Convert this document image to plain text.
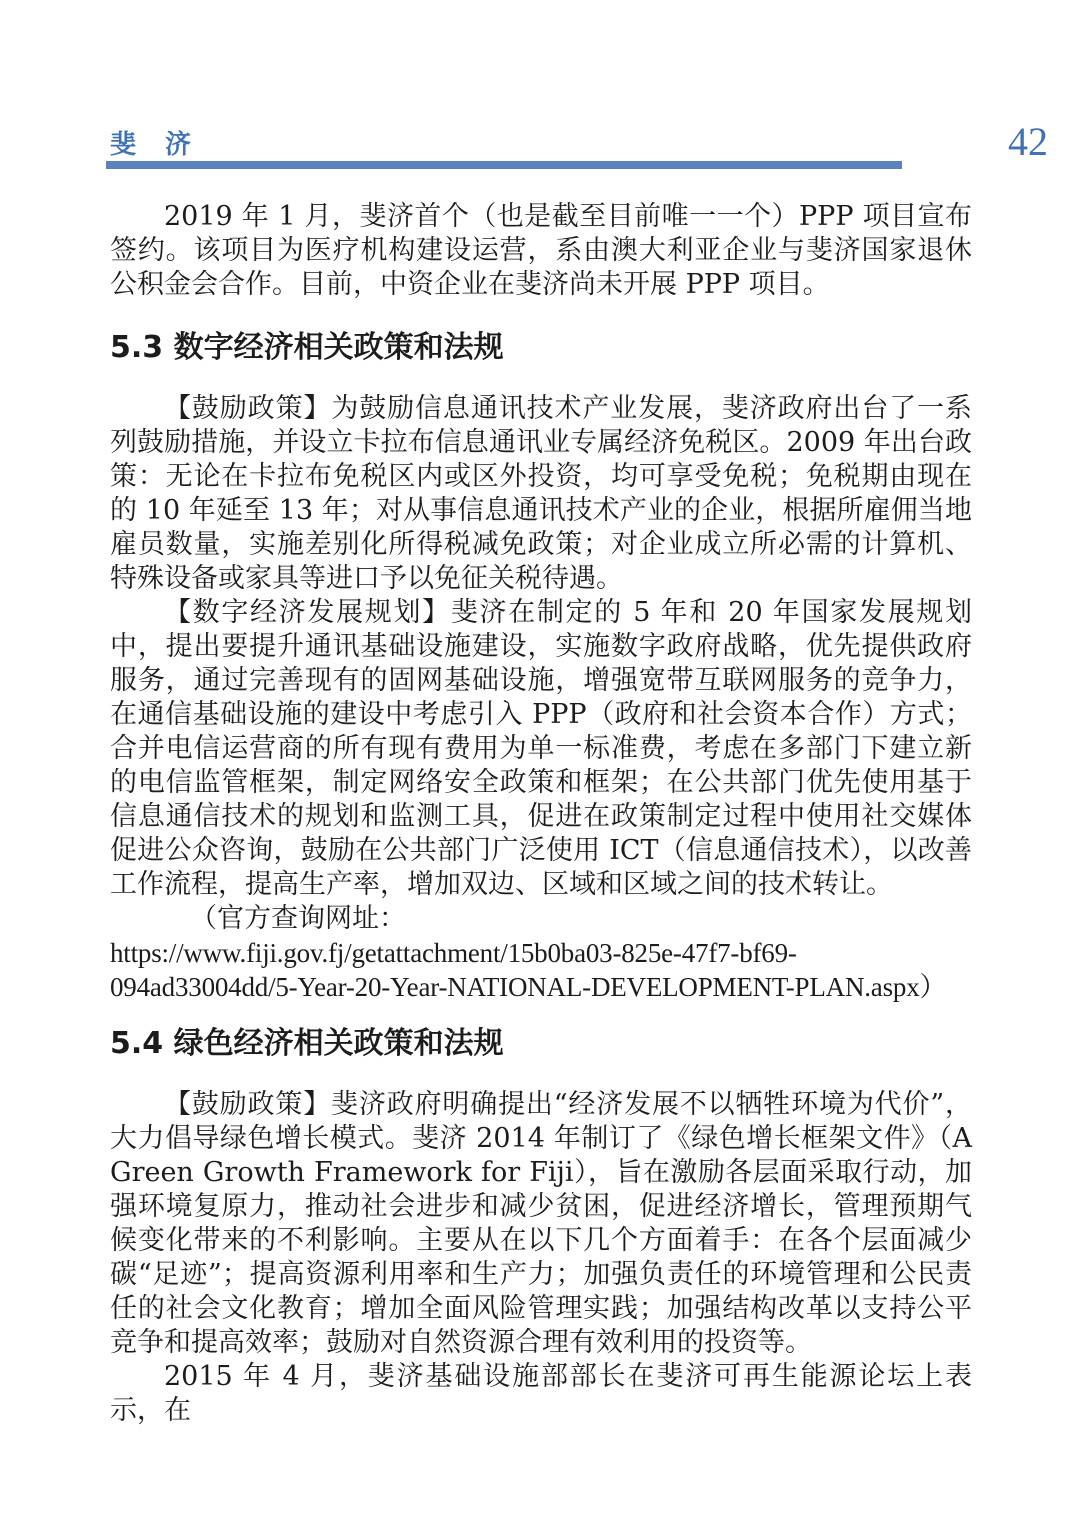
斐 济	42

2019 年 1 月，斐济首个（也是截至目前唯一一个）PPP 项目宣布签约。该项目为医疗机构建设运营，系由澳大利亚企业与斐济国家退休公积金会合作。目前，中资企业在斐济尚未开展 PPP 项目。

5.3 数字经济相关政策和法规

【鼓励政策】为鼓励信息通讯技术产业发展，斐济政府出台了一系列鼓励措施，并设立卡拉布信息通讯业专属经济免税区。2009 年出台政策：无论在卡拉布免税区内或区外投资，均可享受免税；免税期由现在的 10 年延至 13 年；对从事信息通讯技术产业的企业，根据所雇佣当地雇员数量，实施差别化所得税减免政策；对企业成立所必需的计算机、特殊设备或家具等进口予以免征关税待遇。

【数字经济发展规划】斐济在制定的 5 年和 20 年国家发展规划中，提出要提升通讯基础设施建设，实施数字政府战略，优先提供政府服务，通过完善现有的固网基础设施，增强宽带互联网服务的竞争力，在通信基础设施的建设中考虑引入 PPP（政府和社会资本合作）方式；合并电信运营商的所有现有费用为单一标准费，考虑在多部门下建立新的电信监管框架，制定网络安全政策和框架；在公共部门优先使用基于信息通信技术的规划和监测工具，促进在政策制定过程中使用社交媒体促进公众咨询，鼓励在公共部门广泛使用 ICT（信息通信技术），以改善工作流程，提高生产率，增加双边、区域和区域之间的技术转让。

（官方查询网址：

https://www.fiji.gov.fj/getattachment/15b0ba03-825e-47f7-bf69-094ad33004dd/5-Year-20-Year-NATIONAL-DEVELOPMENT-PLAN.aspx）

5.4 绿色经济相关政策和法规

【鼓励政策】斐济政府明确提出“经济发展不以牺牲环境为代价”，大力倡导绿色增长模式。斐济 2014 年制订了《绿色增长框架文件》（A Green Growth Framework for Fiji），旨在激励各层面采取行动，加强环境复原力，推动社会进步和减少贫困，促进经济增长，管理预期气候变化带来的不利影响。主要从在以下几个方面着手：在各个层面减少碳“足迹”；提高资源利用率和生产力；加强负责任的环境管理和公民责任的社会文化教育；增加全面风险管理实践；加强结构改革以支持公平竞争和提高效率；鼓励对自然资源合理有效利用的投资等。

2015 年 4 月，斐济基础设施部部长在斐济可再生能源论坛上表示，在
